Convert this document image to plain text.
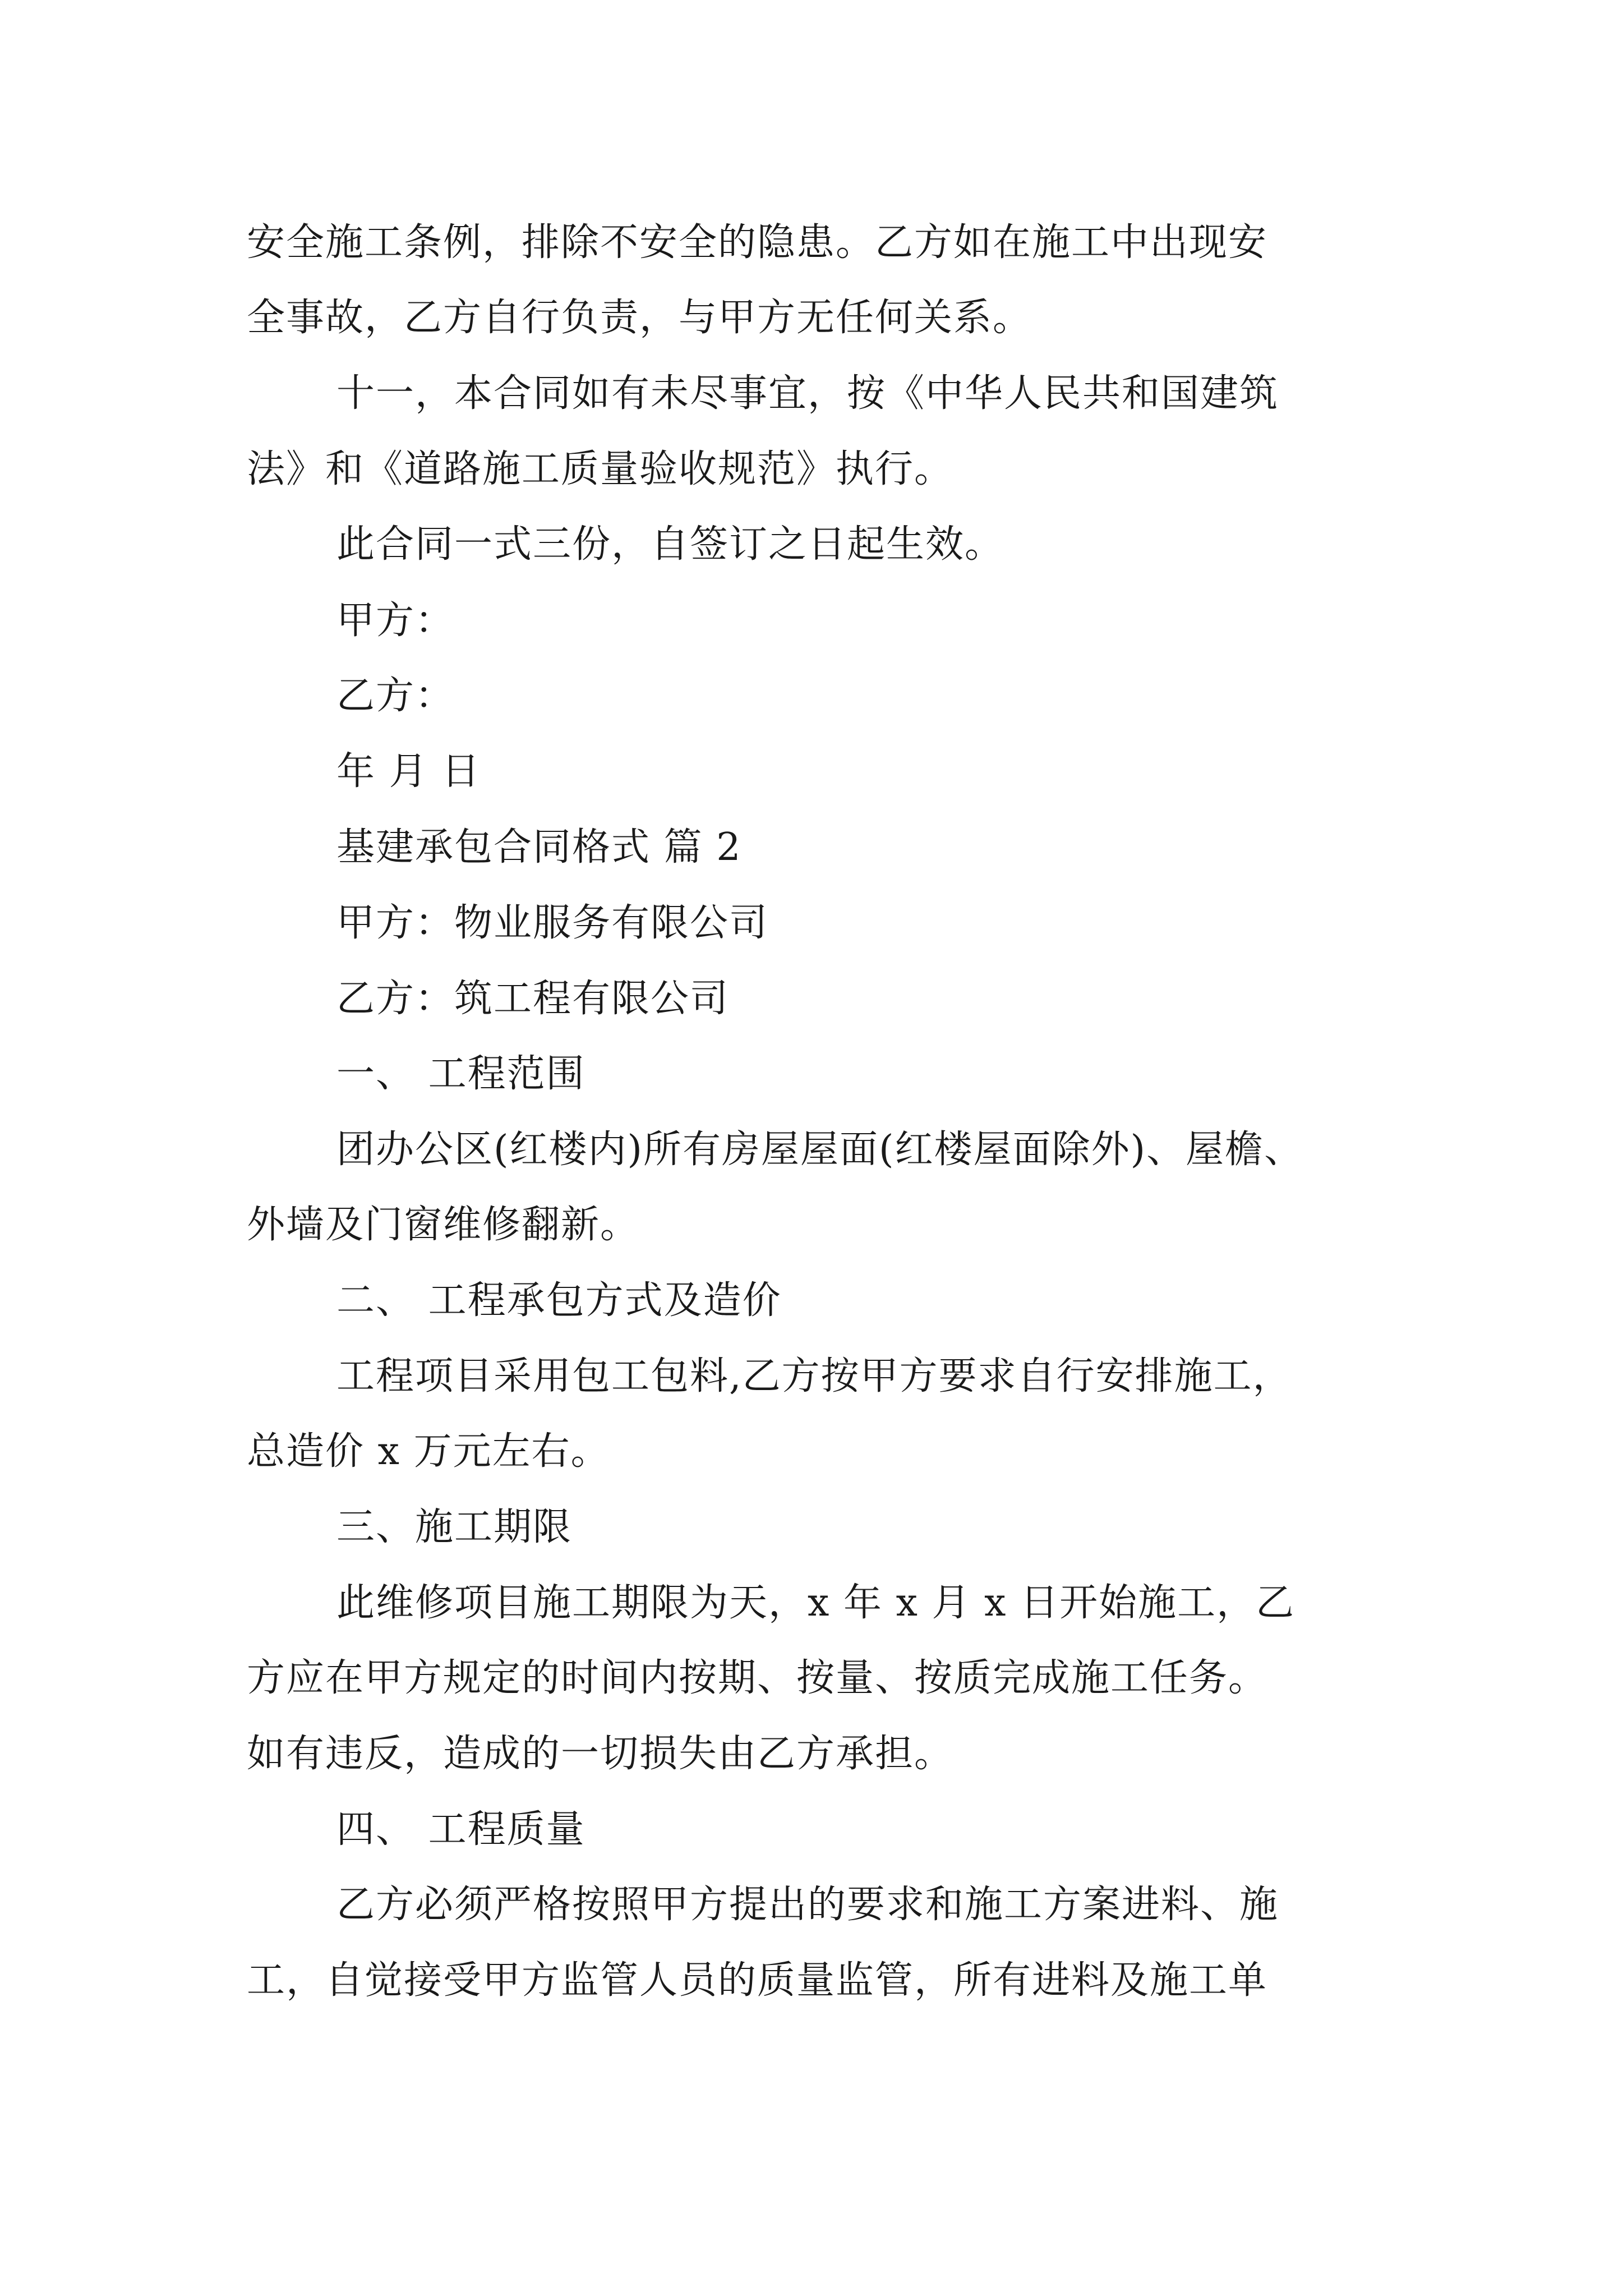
安全施工条例，排除不安全的隐患。乙方如在施工中出现安

全事故，乙方自行负责，与甲方无任何关系。

十一，本合同如有未尽事宜，按《中华人民共和国建筑

法》和《道路施工质量验收规范》执行。

此合同一式三份，自签订之日起生效。

甲方：

乙方：

年 月 日

基建承包合同格式 篇 2

甲方：物业服务有限公司

乙方：筑工程有限公司

一、 工程范围

团办公区(红楼内)所有房屋屋面(红楼屋面除外)、屋檐、

外墙及门窗维修翻新。

二、 工程承包方式及造价

工程项目采用包工包料,乙方按甲方要求自行安排施工，

总造价 x 万元左右。

三、施工期限

此维修项目施工期限为天，x 年 x 月 x 日开始施工，乙

方应在甲方规定的时间内按期、按量、按质完成施工任务。

如有违反，造成的一切损失由乙方承担。

四、 工程质量

乙方必须严格按照甲方提出的要求和施工方案进料、施

工，自觉接受甲方监管人员的质量监管，所有进料及施工单
